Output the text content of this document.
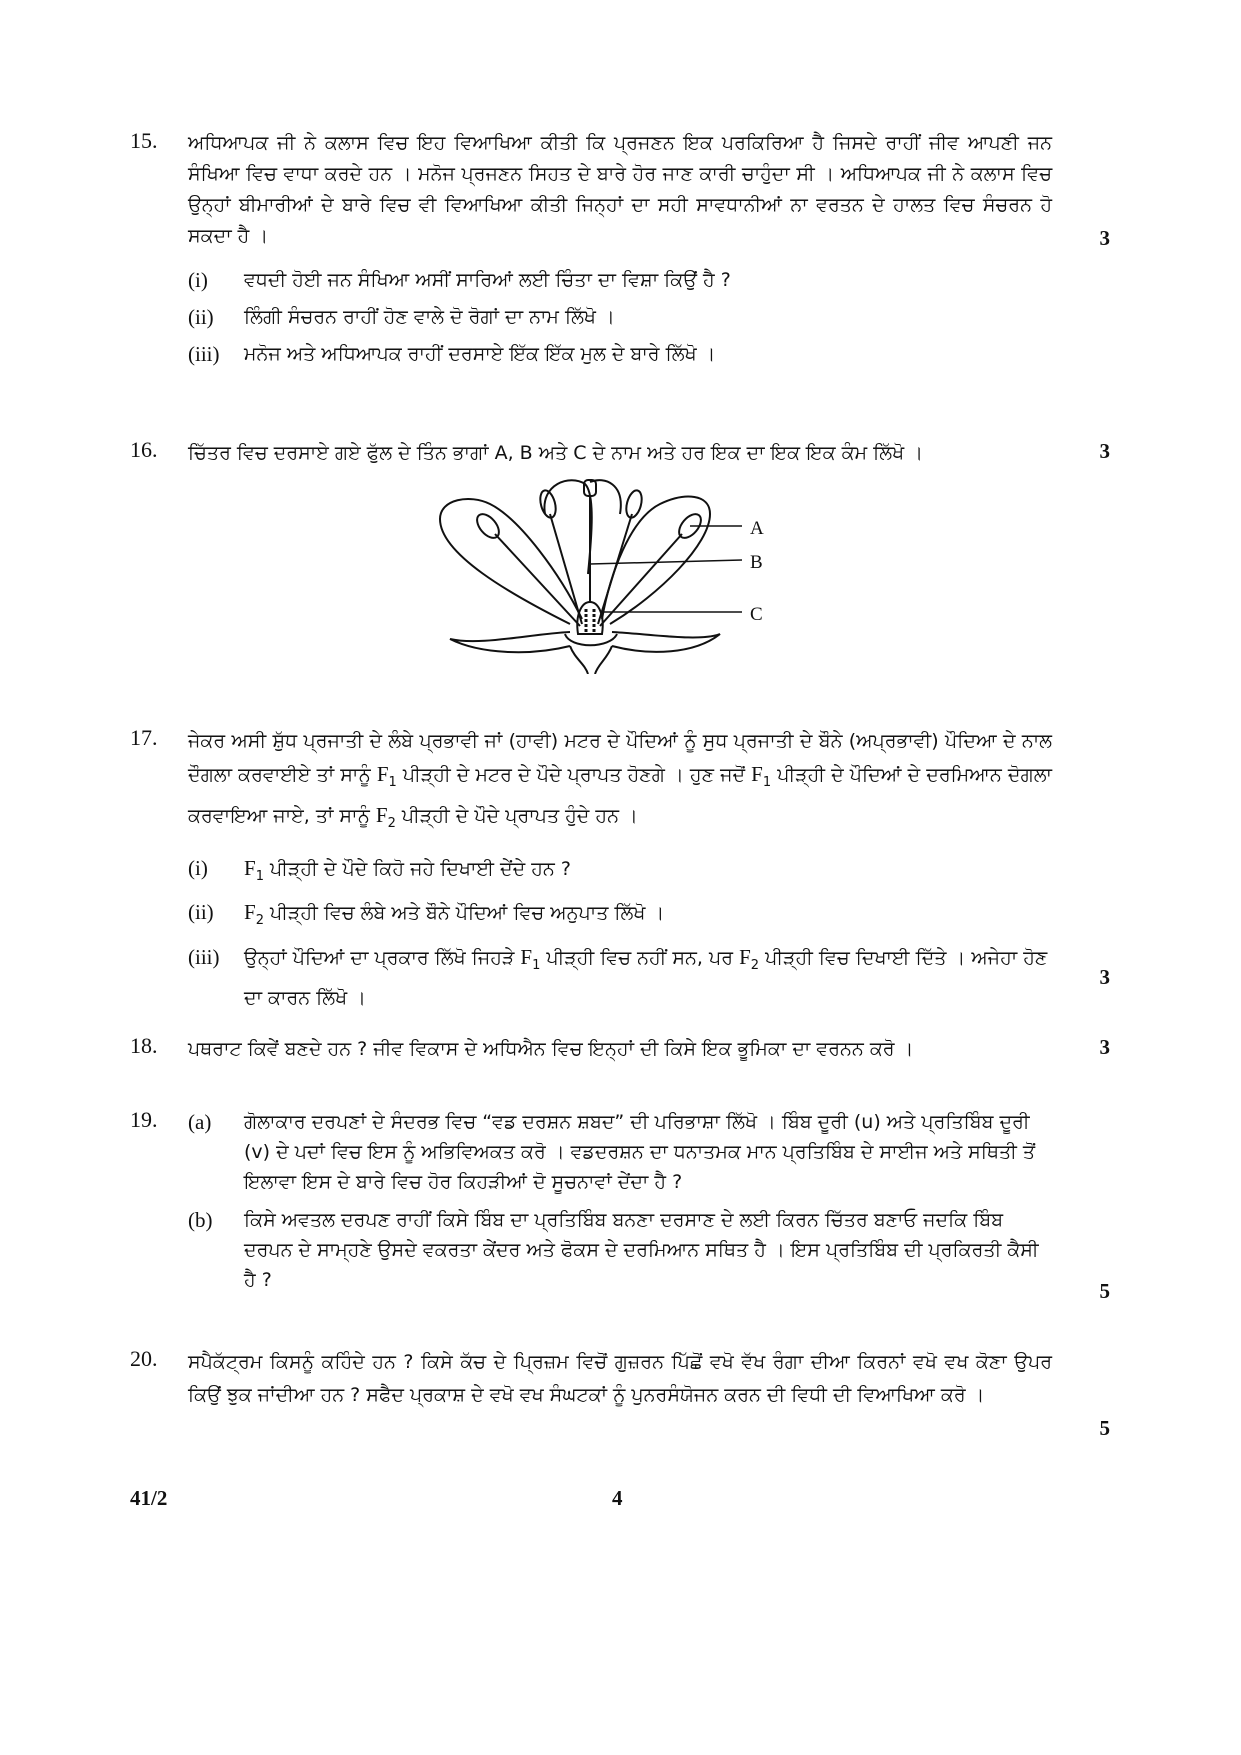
15. ਅਧਿਆਪਕ ਜੀ ਨੇ ਕਲਾਸ ਵਿਚ ਇਹ ਵਿਆਖਿਆ ਕੀਤੀ ਕਿ ਪ੍ਰਜਣਨ ਇਕ ਪਰਕਿਰਿਆ ਹੈ ਜਿਸਦੇ ਰਾਹੀਂ ਜੀਵ ਆਪਣੀ ਜਨ ਸੰਖਿਆ ਵਿਚ ਵਾਧਾ ਕਰਦੇ ਹਨ । ਮਨੋਜ ਪ੍ਰਜਣਨ ਸਿਹਤ ਦੇ ਬਾਰੇ ਹੋਰ ਜਾਣ ਕਾਰੀ ਚਾਹੁੰਦਾ ਸੀ । ਅਧਿਆਪਕ ਜੀ ਨੇ ਕਲਾਸ ਵਿਚ ਉਨ੍ਹਾਂ ਬੀਮਾਰੀਆਂ ਦੇ ਬਾਰੇ ਵਿਚ ਵੀ ਵਿਆਖਿਆ ਕੀਤੀ ਜਿਨ੍ਹਾਂ ਦਾ ਸਹੀ ਸਾਵਧਾਨੀਆਂ ਨਾ ਵਰਤਨ ਦੇ ਹਾਲਤ ਵਿਚ ਸੰਚਰਨ ਹੋ ਸਕਦਾ ਹੈ ।	3
(i) ਵਧਦੀ ਹੋਈ ਜਨ ਸੰਖਿਆ ਅਸੀਂ ਸਾਰਿਆਂ ਲਈ ਚਿੰਤਾ ਦਾ ਵਿਸ਼ਾ ਕਿਉਂ ਹੈ ?
(ii) ਲਿੰਗੀ ਸੰਚਰਨ ਰਾਹੀਂ ਹੋਣ ਵਾਲੇ ਦੋ ਰੋਗਾਂ ਦਾ ਨਾਮ ਲਿੱਖੋ ।
(iii) ਮਨੋਜ ਅਤੇ ਅਧਿਆਪਕ ਰਾਹੀਂ ਦਰਸਾਏ ਇੱਕ ਇੱਕ ਮੁਲ ਦੇ ਬਾਰੇ ਲਿੱਖੋ ।
16. ਚਿੱਤਰ ਵਿਚ ਦਰਸਾਏ ਗਏ ਫੁੱਲ ਦੇ ਤਿੰਨ ਭਾਗਾਂ A, B ਅਤੇ C ਦੇ ਨਾਮ ਅਤੇ ਹਰ ਇਕ ਦਾ ਇਕ ਇਕ ਕੰਮ ਲਿੱਖੋ ।	3
A
B
C
17. ਜੇਕਰ ਅਸੀ ਸ਼ੁੱਧ ਪ੍ਰਜਾਤੀ ਦੇ ਲੰਬੇ ਪ੍ਰਭਾਵੀ ਜਾਂ (ਹਾਵੀ) ਮਟਰ ਦੇ ਪੌਦਿਆਂ ਨੂੰ ਸੁਧ ਪ੍ਰਜਾਤੀ ਦੇ ਬੌਨੇ (ਅਪ੍ਰਭਾਵੀ) ਪੌਦਿਆ ਦੇ ਨਾਲ ਦੌਗਲਾ ਕਰਵਾਈਏ ਤਾਂ ਸਾਨੂੰ $F_1$ ਪੀੜ੍ਹੀ ਦੇ ਮਟਰ ਦੇ ਪੌਦੇ ਪ੍ਰਾਪਤ ਹੋਣਗੇ । ਹੁਣ ਜਦੋਂ $F_1$ ਪੀੜ੍ਹੀ ਦੇ ਪੌਦਿਆਂ ਦੇ ਦਰਮਿਆਨ ਦੋਗਲਾ ਕਰਵਾਇਆ ਜਾਏ, ਤਾਂ ਸਾਨੂੰ $F_2$ ਪੀੜ੍ਹੀ ਦੇ ਪੌਦੇ ਪ੍ਰਾਪਤ ਹੁੰਦੇ ਹਨ ।

(i) $F_1$ ਪੀੜ੍ਹੀ ਦੇ ਪੌਦੇ ਕਿਹੋ ਜਹੇ ਦਿਖਾਈ ਦੇਂਦੇ ਹਨ ?
(ii) $F_2$ ਪੀੜ੍ਹੀ ਵਿਚ ਲੰਬੇ ਅਤੇ ਬੌਨੇ ਪੌਦਿਆਂ ਵਿਚ ਅਨੁਪਾਤ ਲਿੱਖੋ ।
(iii) ਉਨ੍ਹਾਂ ਪੌਦਿਆਂ ਦਾ ਪ੍ਰਕਾਰ ਲਿੱਖੋ ਜਿਹੜੇ $F_1$ ਪੀੜ੍ਹੀ ਵਿਚ ਨਹੀਂ ਸਨ, ਪਰ $F_2$ ਪੀੜ੍ਹੀ ਵਿਚ ਦਿਖਾਈ ਦਿੱਤੇ । ਅਜੇਹਾ ਹੋਣ ਦਾ ਕਾਰਨ ਲਿੱਖੋ ।
3
18. ਪਥਰਾਟ ਕਿਵੇਂ ਬਣਦੇ ਹਨ ? ਜੀਵ ਵਿਕਾਸ ਦੇ ਅਧਿਐਨ ਵਿਚ ਇਨ੍ਹਾਂ ਦੀ ਕਿਸੇ ਇਕ ਭੂਮਿਕਾ ਦਾ ਵਰਨਨ ਕਰੋ ।	3
19. (a) ਗੋਲਾਕਾਰ ਦਰਪਣਾਂ ਦੇ ਸੰਦਰਭ ਵਿਚ “ਵਡ ਦਰਸ਼ਨ ਸ਼ਬਦ” ਦੀ ਪਰਿਭਾਸ਼ਾ ਲਿੱਖੋ । ਬਿੰਬ ਦੂਰੀ (u) ਅਤੇ ਪ੍ਰਤਿਬਿੰਬ ਦੂਰੀ (v) ਦੇ ਪਦਾਂ ਵਿਚ ਇਸ ਨੂੰ ਅਭਿਵਿਅਕਤ ਕਰੋ । ਵਡਦਰਸ਼ਨ ਦਾ ਧਨਾਤਮਕ ਮਾਨ ਪ੍ਰਤਿਬਿੰਬ ਦੇ ਸਾਈਜ ਅਤੇ ਸਥਿਤੀ ਤੋਂ ਇਲਾਵਾ ਇਸ ਦੇ ਬਾਰੇ ਵਿਚ ਹੋਰ ਕਿਹੜੀਆਂ ਦੋ ਸੂਚਨਾਵਾਂ ਦੇਂਦਾ ਹੈ ?
(b) ਕਿਸੇ ਅਵਤਲ ਦਰਪਣ ਰਾਹੀਂ ਕਿਸੇ ਬਿੰਬ ਦਾ ਪ੍ਰਤਿਬਿੰਬ ਬਨਣਾ ਦਰਸਾਣ ਦੇ ਲਈ ਕਿਰਨ ਚਿੱਤਰ ਬਣਾਓ ਜਦਕਿ ਬਿੰਬ ਦਰਪਨ ਦੇ ਸਾਮ੍ਹਣੇ ਉਸਦੇ ਵਕਰਤਾ ਕੇਂਦਰ ਅਤੇ ਫੋਕਸ ਦੇ ਦਰਮਿਆਨ ਸਥਿਤ ਹੈ । ਇਸ ਪ੍ਰਤਿਬਿੰਬ ਦੀ ਪ੍ਰਕਿਰਤੀ ਕੈਸੀ ਹੈ ?	5
20. ਸਪੈਕੱਟ੍ਰਮ ਕਿਸਨੂੰ ਕਹਿੰਦੇ ਹਨ ? ਕਿਸੇ ਕੱਚ ਦੇ ਪ੍ਰਿਜ਼ਮ ਵਿਚੋਂ ਗੁਜ਼ਰਨ ਪਿੱਛੋਂ ਵਖੋ ਵੱਖ ਰੰਗਾ ਦੀਆ ਕਿਰਨਾਂ ਵਖੋ ਵਖ ਕੋਣਾ ਉਪਰ ਕਿਉਂ ਝੁਕ ਜਾਂਦੀਆ ਹਨ ? ਸਫੈਦ ਪ੍ਰਕਾਸ਼ ਦੇ ਵਖੋ ਵਖ ਸੰਘਟਕਾਂ ਨੂੰ ਪੁਨਰਸੰਯੋਜਨ ਕਰਨ ਦੀ ਵਿਧੀ ਦੀ ਵਿਆਖਿਆ ਕਰੋ ।

5
41/2	4
